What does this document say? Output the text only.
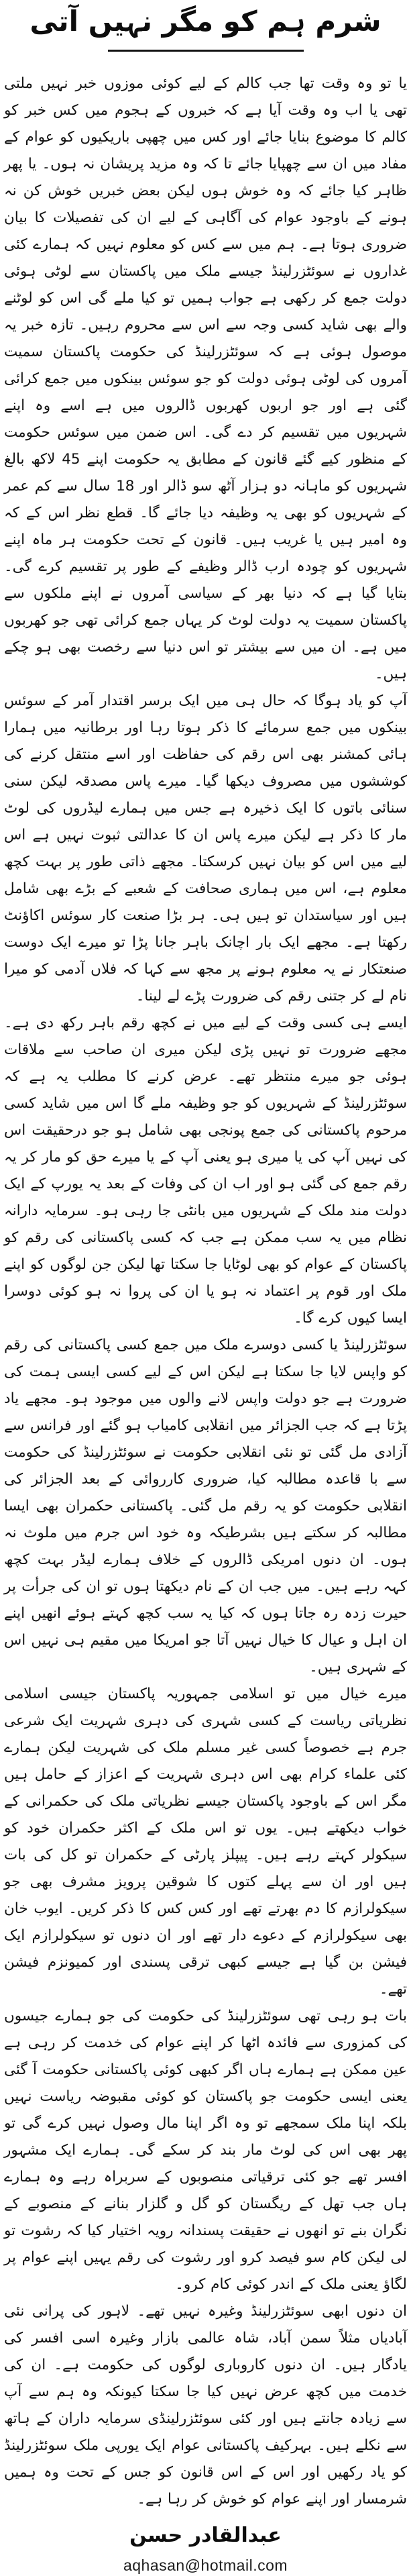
شرم ہم کو مگر نہیں آتی

یا تو وہ وقت تھا جب کالم کے لیے کوئی موزوں خبر نہیں ملتی تھی یا اب وہ وقت آیا ہے کہ خبروں کے ہجوم میں کس خبر کو کالم کا موضوع بنایا جائے اور کس میں چھپی باریکیوں کو عوام کے مفاد میں ان سے چھپایا جائے تا کہ وہ مزید پریشان نہ ہوں۔ یا پھر ظاہر کیا جائے کہ وہ خوش ہوں لیکن بعض خبریں خوش کن نہ ہونے کے باوجود عوام کی آگاہی کے لیے ان کی تفصیلات کا بیان ضروری ہوتا ہے۔ ہم میں سے کس کو معلوم نہیں کہ ہمارے کئی غداروں نے سوئٹزرلینڈ جیسے ملک میں پاکستان سے لوٹی ہوئی دولت جمع کر رکھی ہے جواب ہمیں تو کیا ملے گی اس کو لوٹنے والے بھی شاید کسی وجہ سے اس سے محروم رہیں۔ تازہ خبر یہ موصول ہوئی ہے کہ سوئٹزرلینڈ کی حکومت پاکستان سمیت آمروں کی لوٹی ہوئی دولت کو جو سوئس بینکوں میں جمع کرائی گئی ہے اور جو اربوں کھربوں ڈالروں میں ہے اسے وہ اپنے شہریوں میں تقسیم کر دے گی۔ اس ضمن میں سوئس حکومت کے منظور کیے گئے قانون کے مطابق یہ حکومت اپنے 45 لاکھ بالغ شہریوں کو ماہانہ دو ہزار آٹھ سو ڈالر اور 18 سال سے کم عمر کے شہریوں کو بھی یہ وظیفہ دیا جائے گا۔ قطع نظر اس کے کہ وہ امیر ہیں یا غریب ہیں۔ قانون کے تحت حکومت ہر ماہ اپنے شہریوں کو چودہ ارب ڈالر وظیفے کے طور پر تقسیم کرے گی۔ بتایا گیا ہے کہ دنیا بھر کے سیاسی آمروں نے اپنے ملکوں سے پاکستان سمیت یہ دولت لوٹ کر یہاں جمع کرائی تھی جو کھربوں میں ہے۔ ان میں سے بیشتر تو اس دنیا سے رخصت بھی ہو چکے ہیں۔

آپ کو یاد ہوگا کہ حال ہی میں ایک برسر اقتدار آمر کے سوئس بینکوں میں جمع سرمائے کا ذکر ہوتا رہا اور برطانیہ میں ہمارا ہائی کمشنر بھی اس رقم کی حفاظت اور اسے منتقل کرنے کی کوششوں میں مصروف دیکھا گیا۔ میرے پاس مصدقہ لیکن سنی سنائی باتوں کا ایک ذخیرہ ہے جس میں ہمارے لیڈروں کی لوٹ مار کا ذکر ہے لیکن میرے پاس ان کا عدالتی ثبوت نہیں ہے اس لیے میں اس کو بیان نہیں کرسکتا۔ مجھے ذاتی طور پر بہت کچھ معلوم ہے، اس میں ہماری صحافت کے شعبے کے بڑے بھی شامل ہیں اور سیاستدان تو ہیں ہی۔ ہر بڑا صنعت کار سوئس اکاؤنٹ رکھتا ہے۔ مجھے ایک بار اچانک باہر جانا پڑا تو میرے ایک دوست صنعتکار نے یہ معلوم ہونے پر مجھ سے کہا کہ فلاں آدمی کو میرا نام لے کر جتنی رقم کی ضرورت پڑے لے لینا۔

ایسے ہی کسی وقت کے لیے میں نے کچھ رقم باہر رکھ دی ہے۔ مجھے ضرورت تو نہیں پڑی لیکن میری ان صاحب سے ملاقات ہوئی جو میرے منتظر تھے۔ عرض کرنے کا مطلب یہ ہے کہ سوئٹزرلینڈ کے شہریوں کو جو وظیفہ ملے گا اس میں شاید کسی مرحوم پاکستانی کی جمع پونجی بھی شامل ہو جو درحقیقت اس کی نہیں آپ کی یا میری ہو یعنی آپ کے یا میرے حق کو مار کر یہ رقم جمع کی گئی ہو اور اب ان کی وفات کے بعد یہ یورپ کے ایک دولت مند ملک کے شہریوں میں بانٹی جا رہی ہو۔ سرمایہ دارانہ نظام میں یہ سب ممکن ہے جب کہ کسی پاکستانی کی رقم کو پاکستان کے عوام کو بھی لوٹایا جا سکتا تھا لیکن جن لوگوں کو اپنے ملک اور قوم پر اعتماد نہ ہو یا ان کی پروا نہ ہو کوئی دوسرا ایسا کیوں کرے گا۔

سوئٹزرلینڈ یا کسی دوسرے ملک میں جمع کسی پاکستانی کی رقم کو واپس لایا جا سکتا ہے لیکن اس کے لیے کسی ایسی ہمت کی ضرورت ہے جو دولت واپس لانے والوں میں موجود ہو۔ مجھے یاد پڑتا ہے کہ جب الجزائر میں انقلابی کامیاب ہو گئے اور فرانس سے آزادی مل گئی تو نئی انقلابی حکومت نے سوئٹزرلینڈ کی حکومت سے با قاعدہ مطالبہ کیا، ضروری کارروائی کے بعد الجزائر کی انقلابی حکومت کو یہ رقم مل گئی۔ پاکستانی حکمران بھی ایسا مطالبہ کر سکتے ہیں بشرطیکہ وہ خود اس جرم میں ملوث نہ ہوں۔ ان دنوں امریکی ڈالروں کے خلاف ہمارے لیڈر بہت کچھ کہہ رہے ہیں۔ میں جب ان کے نام دیکھتا ہوں تو ان کی جرأت پر حیرت زدہ رہ جاتا ہوں کہ کیا یہ سب کچھ کہتے ہوئے انھیں اپنے ان اہل و عیال کا خیال نہیں آتا جو امریکا میں مقیم ہی نہیں اس کے شہری ہیں۔

میرے خیال میں تو اسلامی جمہوریہ پاکستان جیسی اسلامی نظریاتی ریاست کے کسی شہری کی دہری شہریت ایک شرعی جرم ہے خصوصاً کسی غیر مسلم ملک کی شہریت لیکن ہمارے کئی علماء کرام بھی اس دہری شہریت کے اعزاز کے حامل ہیں مگر اس کے باوجود پاکستان جیسے نظریاتی ملک کی حکمرانی کے خواب دیکھتے ہیں۔ یوں تو اس ملک کے اکثر حکمران خود کو سیکولر کہتے رہے ہیں۔ پیپلز پارٹی کے حکمران تو کل کی بات ہیں اور ان سے پہلے کتوں کا شوقین پرویز مشرف بھی جو سیکولرازم کا دم بھرتے تھے اور کس کس کا ذکر کریں۔ ایوب خان بھی سیکولرازم کے دعوے دار تھے اور ان دنوں تو سیکولرازم ایک فیشن بن گیا ہے جیسے کبھی ترقی پسندی اور کمیونزم فیشن تھے۔

بات ہو رہی تھی سوئٹزرلینڈ کی حکومت کی جو ہمارے جیسوں کی کمزوری سے فائدہ اٹھا کر اپنے عوام کی خدمت کر رہی ہے عین ممکن ہے ہمارے ہاں اگر کبھی کوئی پاکستانی حکومت آ گئی یعنی ایسی حکومت جو پاکستان کو کوئی مقبوضہ ریاست نہیں بلکہ اپنا ملک سمجھے تو وہ اگر اپنا مال وصول نہیں کرے گی تو پھر بھی اس کی لوٹ مار بند کر سکے گی۔ ہمارے ایک مشہور افسر تھے جو کئی ترقیاتی منصوبوں کے سربراہ رہے وہ ہمارے ہاں جب تھل کے ریگستان کو گل و گلزار بنانے کے منصوبے کے نگران بنے تو انھوں نے حقیقت پسندانہ رویہ اختیار کیا کہ رشوت تو لی لیکن کام سو فیصد کرو اور رشوت کی رقم یہیں اپنے عوام پر لگاؤ یعنی ملک کے اندر کوئی کام کرو۔

ان دنوں ابھی سوئٹزرلینڈ وغیرہ نہیں تھے۔ لاہور کی پرانی نئی آبادیاں مثلاً سمن آباد، شاہ عالمی بازار وغیرہ اسی افسر کی یادگار ہیں۔ ان دنوں کاروباری لوگوں کی حکومت ہے۔ ان کی خدمت میں کچھ عرض نہیں کیا جا سکتا کیونکہ وہ ہم سے آپ سے زیادہ جانتے ہیں اور کئی سوئٹزرلینڈی سرمایہ داران کے ہاتھ سے نکلے ہیں۔ بہرکیف پاکستانی عوام ایک یورپی ملک سوئٹزرلینڈ کو یاد رکھیں اور اس کے اس قانون کو جس کے تحت وہ ہمیں شرمسار اور اپنے عوام کو خوش کر رہا ہے۔

عبدالقادر حسن
aqhasan@hotmail.com
